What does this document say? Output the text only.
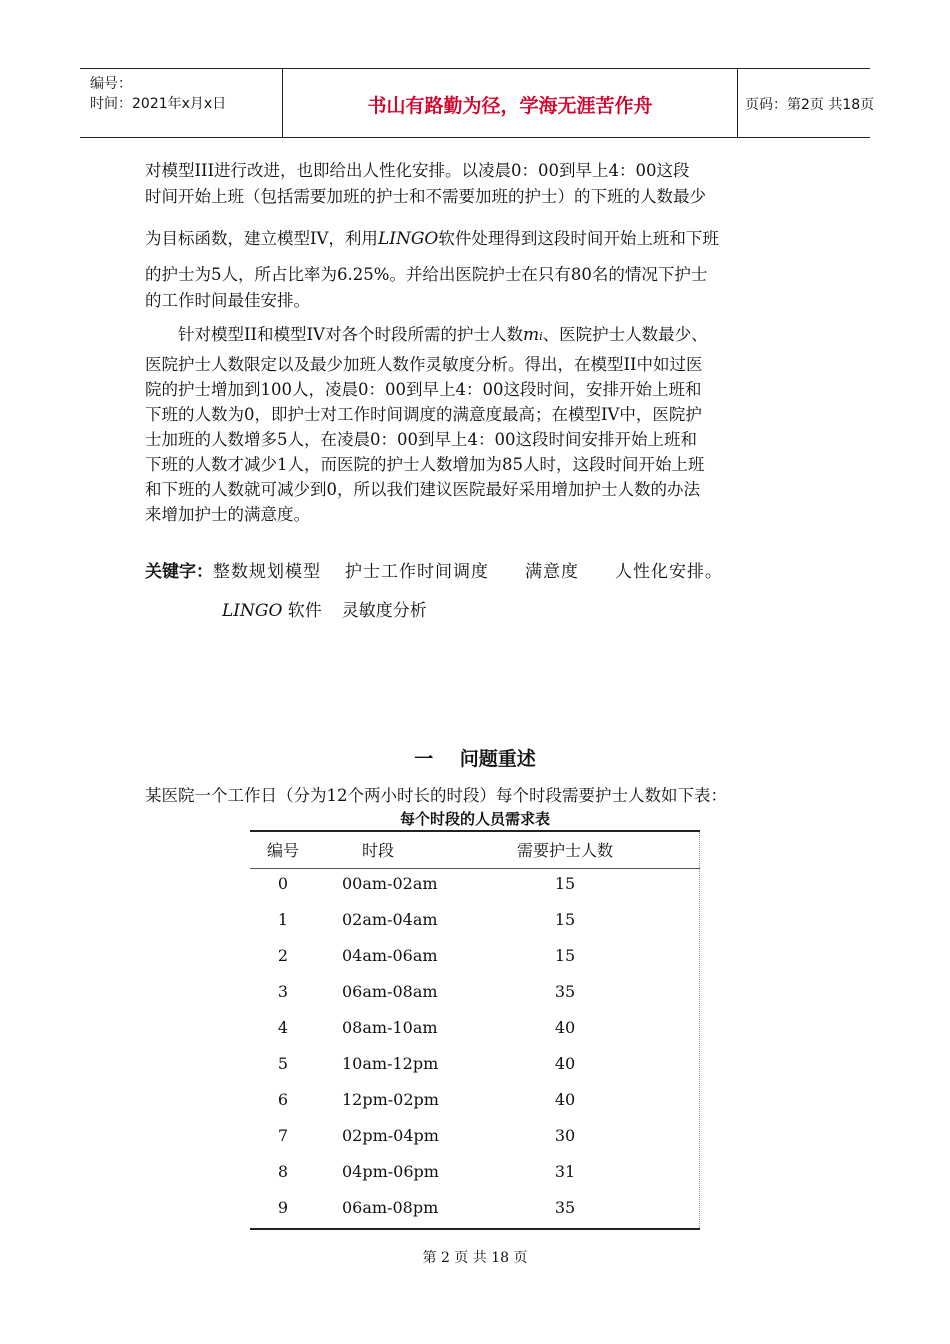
编号：
时间：2021年x月x日	书山有路勤为径，学海无涯苦作舟	页码：第2页 共18页

对模型III进行改进，也即给出人性化安排。以凌晨0：00到早上4：00这段

时间开始上班（包括需要加班的护士和不需要加班的护士）的下班的人数最少

为目标函数，建立模型IV，利用LINGO软件处理得到这段时间开始上班和下班

的护士为5人，所占比率为6.25%。并给出医院护士在只有80名的情况下护士

的工作时间最佳安排。

针对模型II和模型IV对各个时段所需的护士人数mi、医院护士人数最少、

医院护士人数限定以及最少加班人数作灵敏度分析。得出，在模型II中如过医

院的护士增加到100人，凌晨0：00到早上4：00这段时间，安排开始上班和

下班的人数为0，即护士对工作时间调度的满意度最高；在模型IV中，医院护

士加班的人数增多5人，在凌晨0：00到早上4：00这段时间安排开始上班和

下班的人数才减少1人，而医院的护士人数增加为85人时，这段时间开始上班

和下班的人数就可减少到0，所以我们建议医院最好采用增加护士人数的办法

来增加护士的满意度。

关键字：整数规划模型 护士工作时间调度 满意度 人性化安排。
LINGO 软件 灵敏度分析
一    问题重述
某医院一个工作日（分为12个两小时长的时段）每个时段需要护士人数如下表：
每个时段的人员需求表
编号	时段	需要护士人数
0	00am-02am	15
1	02am-04am	15
2	04am-06am	15
3	06am-08am	35
4	08am-10am	40
5	10am-12pm	40
6	12pm-02pm	40
7	02pm-04pm	30
8	04pm-06pm	31
9	06am-08pm	35
第 2 页 共 18 页
